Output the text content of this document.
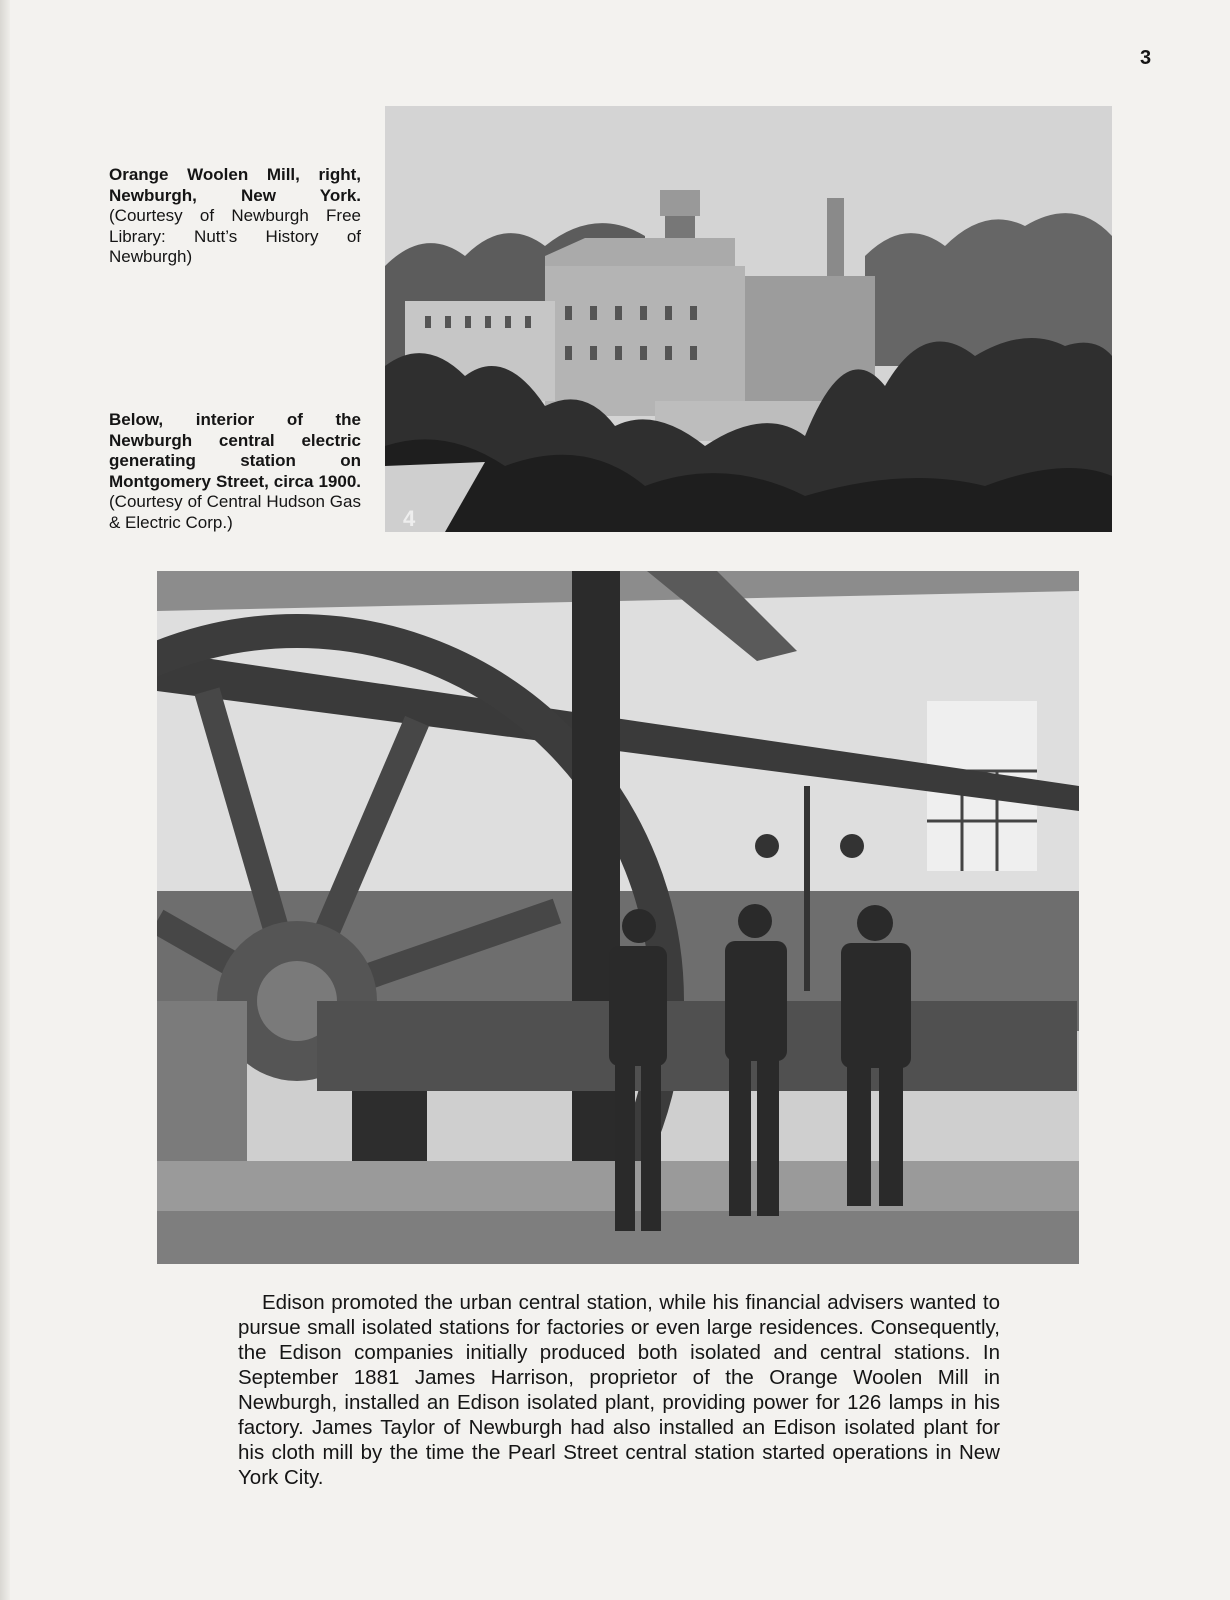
3

Orange Woolen Mill, right,
Newburgh, New York.
(Courtesy of Newburgh Free Library: Nutt’s History of Newburgh)
Below, interior of the Newburgh central electric generating station on Montgomery Street, circa 1900. (Courtesy of Central Hudson Gas & Electric Corp.)	4

Edison promoted the urban central station, while his financial advisers wanted to pursue small isolated stations for factories or even large residences. Consequently, the Edison companies initially produced both isolated and central stations. In September 1881 James Harrison, proprietor of the Orange Woolen Mill in Newburgh, installed an Edison isolated plant, providing power for 126 lamps in his factory. James Taylor of Newburgh had also installed an Edison isolated plant for his cloth mill by the time the Pearl Street central station started operations in New York City.
